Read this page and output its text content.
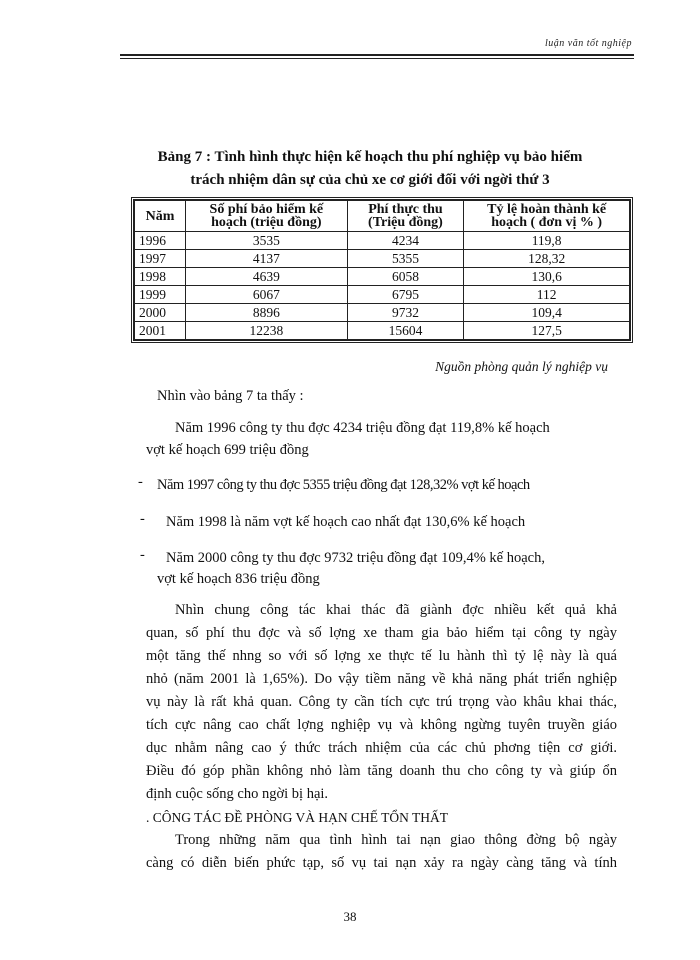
luận văn tốt nghiệp
Bảng 7 : Tình hình thực hiện kế hoạch thu phí nghiệp vụ bảo hiểm
trách nhiệm dân sự của chủ xe cơ giới đối với ngời thứ 3
Năm	Số phí bảo hiểm kế hoạch (triệu đồng)	Phí thực thu (Triệu đồng)	Tỷ lệ hoàn thành kế hoạch ( đơn vị % )
1996	3535	4234	119,8
1997	4137	5355	128,32
1998	4639	6058	130,6
1999	6067	6795	112
2000	8896	9732	109,4
2001	12238	15604	127,5
Nguồn phòng quản lý nghiệp vụ
Nhìn vào bảng 7 ta thấy :
Năm 1996 công ty thu đợc 4234 triệu đồng đạt 119,8% kế hoạch
vợt kế hoạch 699 triệu đồng
- Năm 1997 công ty thu đợc 5355 triệu đồng đạt 128,32% vợt kế hoạch
- Năm 1998 là năm vợt kế hoạch cao nhất đạt 130,6% kế hoạch
- Năm 2000 công ty thu đợc 9732 triệu đồng đạt 109,4% kế hoạch,
vợt kế hoạch 836 triệu đồng
Nhìn chung công tác khai thác đã giành đợc nhiều kết quả khả
quan, số phí thu đợc và số lợng xe tham gia bảo hiểm tại công ty ngày
một tăng thế nhng so với số lợng xe thực tế lu hành thì tỷ lệ này là quá
nhỏ (năm 2001 là 1,65%). Do vậy tiềm năng về khả năng phát triển nghiệp
vụ này là rất khả quan. Công ty cần tích cực trú trọng vào khâu khai thác,
tích cực nâng cao chất lợng nghiệp vụ và không ngừng tuyên truyền giáo
dục nhằm nâng cao ý thức trách nhiệm của các chủ phơng tiện cơ giới.
Điều đó góp phần không nhỏ làm tăng doanh thu cho công ty và giúp ổn
định cuộc sống cho ngời bị hại.
. CÔNG TÁC ĐỀ PHÒNG VÀ HẠN CHẾ TỔN THẤT
Trong những năm qua tình hình tai nạn giao thông đờng bộ ngày
càng có diễn biến phức tạp, số vụ tai nạn xảy ra ngày càng tăng và tính
38
